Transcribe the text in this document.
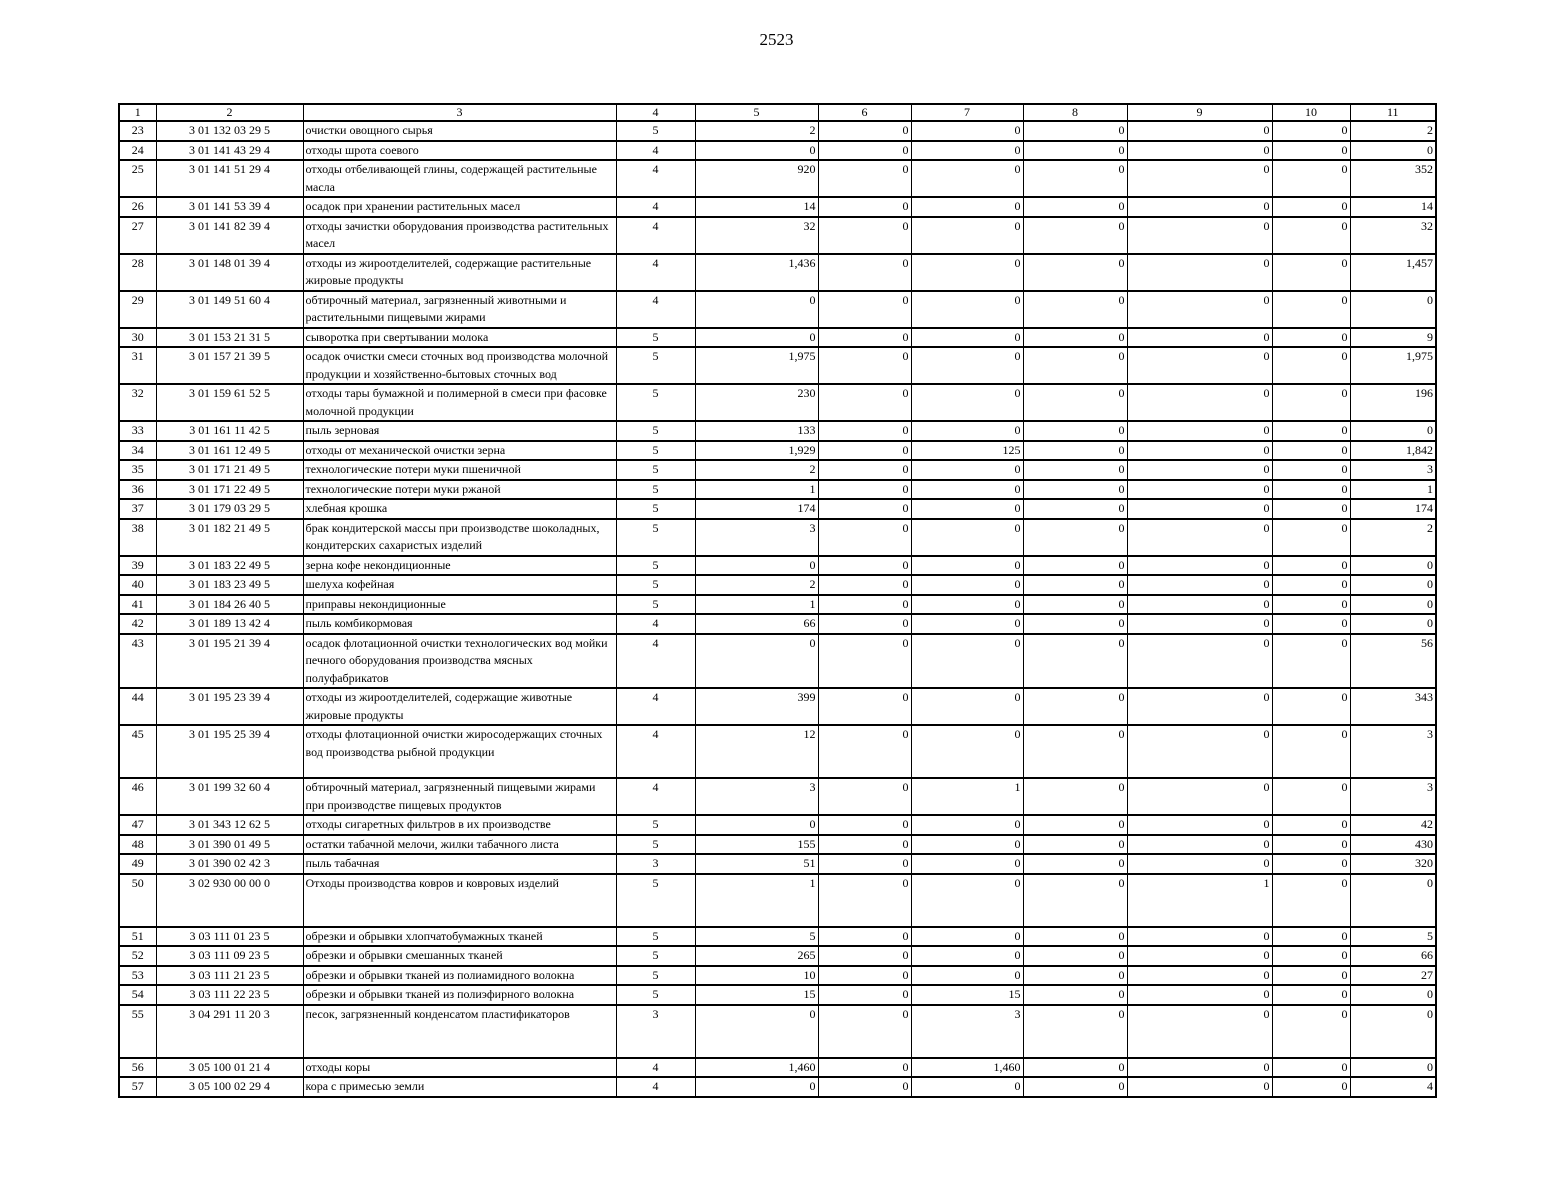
2523
1	2	3	4	5	6	7	8	9	10	11
23	3 01 132 03 29 5	очистки овощного сырья	5	2	0	0	0	0	0	2
24	3 01 141 43 29 4	отходы шрота соевого	4	0	0	0	0	0	0	0
25	3 01 141 51 29 4	отходы отбеливающей глины, содержащей растительные масла	4	920	0	0	0	0	0	352
26	3 01 141 53 39 4	осадок при хранении растительных масел	4	14	0	0	0	0	0	14
27	3 01 141 82 39 4	отходы зачистки оборудования производства растительных масел	4	32	0	0	0	0	0	32
28	3 01 148 01 39 4	отходы из жироотделителей, содержащие растительные жировые продукты	4	1,436	0	0	0	0	0	1,457
29	3 01 149 51 60 4	обтирочный материал, загрязненный животными и растительными пищевыми жирами	4	0	0	0	0	0	0	0
30	3 01 153 21 31 5	сыворотка при свертывании молока	5	0	0	0	0	0	0	9
31	3 01 157 21 39 5	осадок очистки смеси сточных вод производства молочной продукции и хозяйственно-бытовых сточных вод	5	1,975	0	0	0	0	0	1,975
32	3 01 159 61 52 5	отходы тары бумажной и полимерной в смеси при фасовке молочной продукции	5	230	0	0	0	0	0	196
33	3 01 161 11 42 5	пыль зерновая	5	133	0	0	0	0	0	0
34	3 01 161 12 49 5	отходы от механической очистки зерна	5	1,929	0	125	0	0	0	1,842
35	3 01 171 21 49 5	технологические потери муки пшеничной	5	2	0	0	0	0	0	3
36	3 01 171 22 49 5	технологические потери муки ржаной	5	1	0	0	0	0	0	1
37	3 01 179 03 29 5	хлебная крошка	5	174	0	0	0	0	0	174
38	3 01 182 21 49 5	брак кондитерской массы при производстве шоколадных, кондитерских сахаристых изделий	5	3	0	0	0	0	0	2
39	3 01 183 22 49 5	зерна кофе некондиционные	5	0	0	0	0	0	0	0
40	3 01 183 23 49 5	шелуха кофейная	5	2	0	0	0	0	0	0
41	3 01 184 26 40 5	приправы некондиционные	5	1	0	0	0	0	0	0
42	3 01 189 13 42 4	пыль комбикормовая	4	66	0	0	0	0	0	0
43	3 01 195 21 39 4	осадок флотационной очистки технологических вод мойки печного оборудования производства мясных полуфабрикатов	4	0	0	0	0	0	0	56
44	3 01 195 23 39 4	отходы из жироотделителей, содержащие животные жировые продукты	4	399	0	0	0	0	0	343
45	3 01 195 25 39 4	отходы флотационной очистки жиросодержащих сточных вод производства рыбной продукции	4	12	0	0	0	0	0	3
46	3 01 199 32 60 4	обтирочный материал, загрязненный пищевыми жирами при производстве пищевых продуктов	4	3	0	1	0	0	0	3
47	3 01 343 12 62 5	отходы сигаретных фильтров в их производстве	5	0	0	0	0	0	0	42
48	3 01 390 01 49 5	остатки табачной мелочи, жилки табачного листа	5	155	0	0	0	0	0	430
49	3 01 390 02 42 3	пыль табачная	3	51	0	0	0	0	0	320
50	3 02 930 00 00 0	Отходы производства ковров и ковровых изделий	5	1	0	0	0	1	0	0
51	3 03 111 01 23 5	обрезки и обрывки хлопчатобумажных тканей	5	5	0	0	0	0	0	5
52	3 03 111 09 23 5	обрезки и обрывки смешанных тканей	5	265	0	0	0	0	0	66
53	3 03 111 21 23 5	обрезки и обрывки тканей из полиамидного волокна	5	10	0	0	0	0	0	27
54	3 03 111 22 23 5	обрезки и обрывки тканей из полиэфирного волокна	5	15	0	15	0	0	0	0
55	3 04 291 11 20 3	песок, загрязненный конденсатом пластификаторов	3	0	0	3	0	0	0	0
56	3 05 100 01 21 4	отходы коры	4	1,460	0	1,460	0	0	0	0
57	3 05 100 02 29 4	кора с примесью земли	4	0	0	0	0	0	0	4
